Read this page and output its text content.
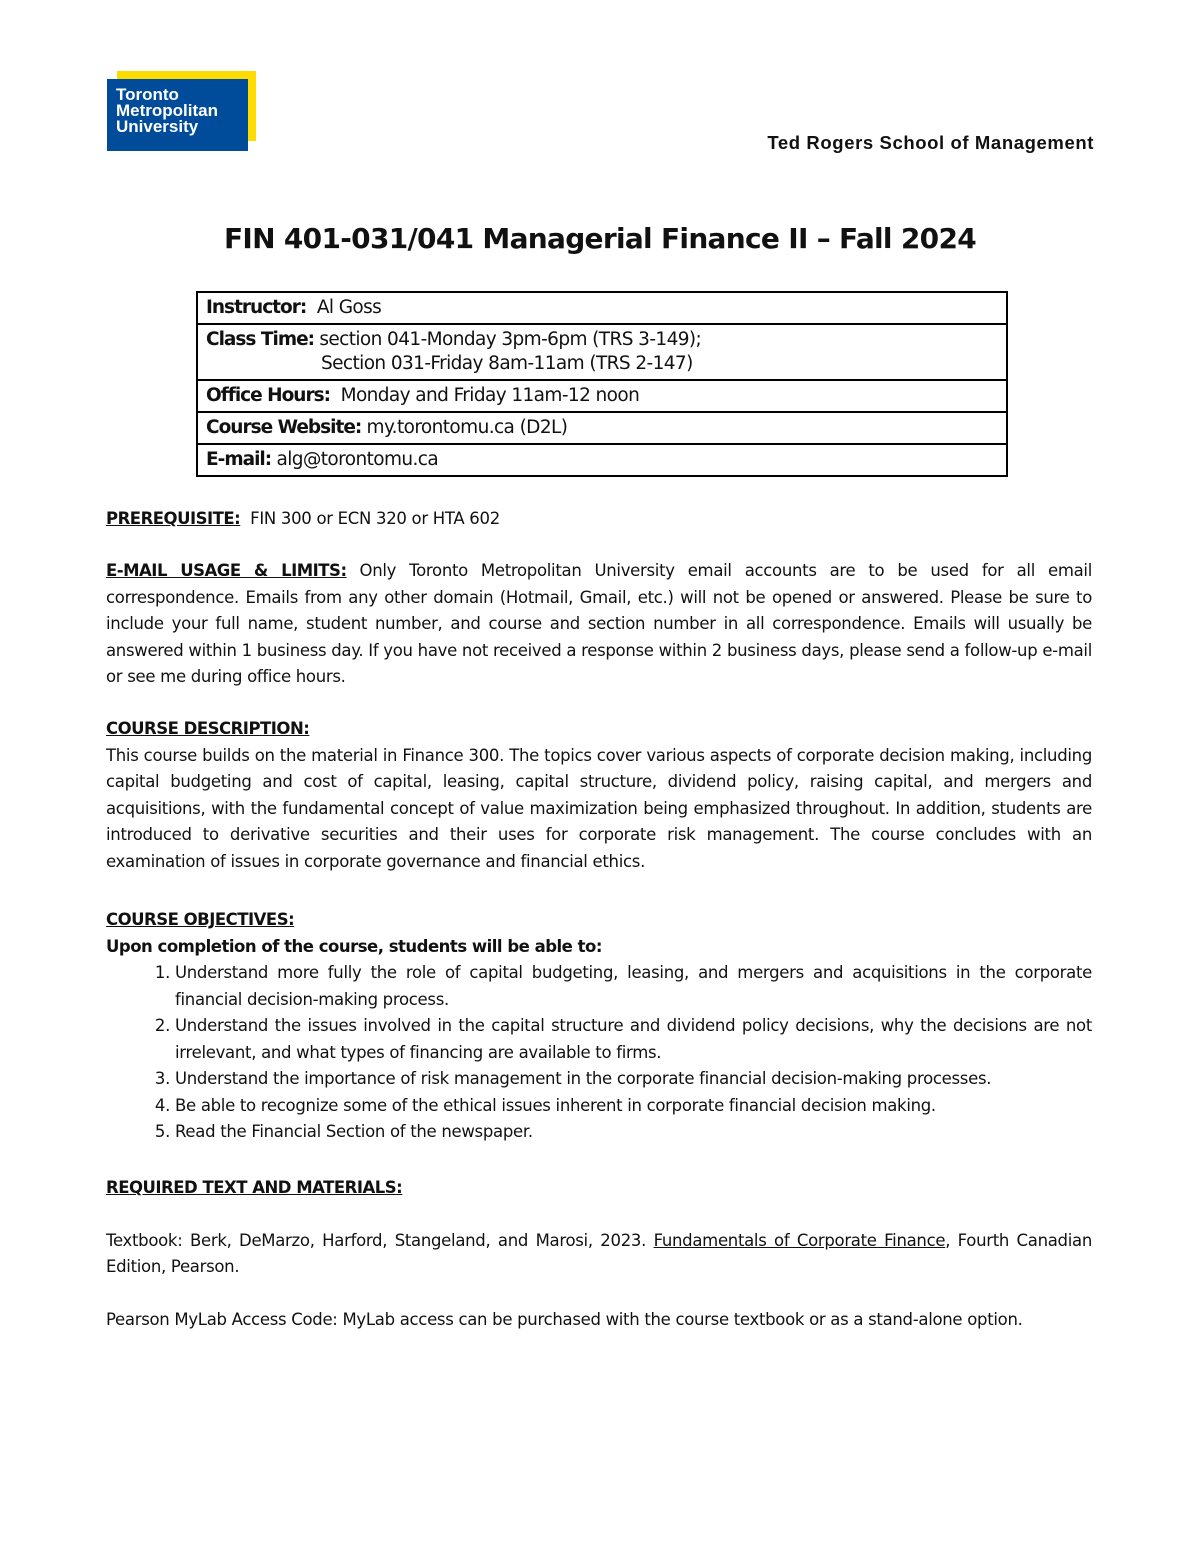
Toronto
Metropolitan
University
Ted Rogers School of Management
FIN 401-031/041 Managerial Finance II – Fall 2024
Instructor: Al Goss
Class Time: section 041-Monday 3pm-6pm (TRS 3-149);
Section 031-Friday 8am-11am (TRS 2-147)
Office Hours: Monday and Friday 11am-12 noon
Course Website: my.torontomu.ca (D2L)
E-mail: alg@torontomu.ca
PREREQUISITE: FIN 300 or ECN 320 or HTA 602
E-MAIL USAGE & LIMITS: Only Toronto Metropolitan University email accounts are to be used for all email correspondence. Emails from any other domain (Hotmail, Gmail, etc.) will not be opened or answered. Please be sure to include your full name, student number, and course and section number in all correspondence. Emails will usually be answered within 1 business day. If you have not received a response within 2 business days, please send a follow-up e-mail or see me during office hours.
COURSE DESCRIPTION:
This course builds on the material in Finance 300. The topics cover various aspects of corporate decision making, including capital budgeting and cost of capital, leasing, capital structure, dividend policy, raising capital, and mergers and acquisitions, with the fundamental concept of value maximization being emphasized throughout. In addition, students are introduced to derivative securities and their uses for corporate risk management. The course concludes with an examination of issues in corporate governance and financial ethics.
COURSE OBJECTIVES:
Upon completion of the course, students will be able to:
1. Understand more fully the role of capital budgeting, leasing, and mergers and acquisitions in the corporate financial decision-making process.
2. Understand the issues involved in the capital structure and dividend policy decisions, why the decisions are not irrelevant, and what types of financing are available to firms.
3. Understand the importance of risk management in the corporate financial decision-making processes.
4. Be able to recognize some of the ethical issues inherent in corporate financial decision making.
5. Read the Financial Section of the newspaper.
REQUIRED TEXT AND MATERIALS:
Textbook: Berk, DeMarzo, Harford, Stangeland, and Marosi, 2023. Fundamentals of Corporate Finance, Fourth Canadian Edition, Pearson.
Pearson MyLab Access Code: MyLab access can be purchased with the course textbook or as a stand-alone option.
